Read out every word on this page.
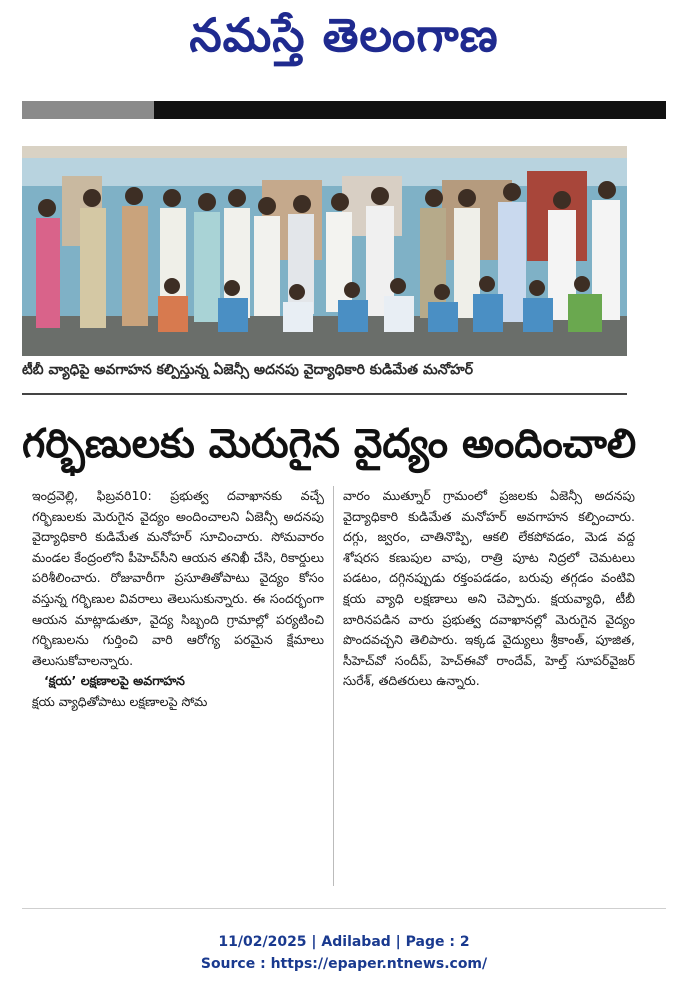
నమస్తే తెలంగాణ
టీబీ వ్యాధిపై అవగాహన కల్పిస్తున్న ఏజెన్సీ అదనపు వైద్యాధికారి కుడిమేత మనోహర్
గర్భిణులకు మెరుగైన వైద్యం అందించాలి

ఇంద్రవెల్లి, ఫిబ్రవరి10: ప్రభుత్వ దవాఖానకు వచ్చే గర్భిణులకు మెరుగైన వైద్యం అందించాలని ఏజెన్సీ అదనపు వైద్యాధికారి కుడిమేత మనోహర్ సూచించారు. సోమవారం మండల కేంద్రంలోని పీహెచ్‌సీని ఆయన తనిఖీ చేసి, రికార్డులు పరిశీలించారు. రోజువారీగా ప్రసూతితోపాటు వైద్యం కోసం వస్తున్న గర్భిణుల వివరాలు తెలుసుకున్నారు. ఈ సందర్భంగా ఆయన మాట్లాడుతూ, వైద్య సిబ్బంది గ్రామాల్లో పర్యటించి గర్భిణులను గుర్తించి వారి ఆరోగ్య పరమైన క్షేమాలు తెలుసుకోవాలన్నారు.

‘క్షయ’ లక్షణాలపై అవగాహన

క్షయ వ్యాధితోపాటు లక్షణాలపై సోమ

వారం ముత్నూర్ గ్రామంలో ప్రజలకు ఏజెన్సీ అదనపు వైద్యాధికారి కుడిమేత మనోహర్ అవగాహన కల్పించారు. దగ్గు, జ్వరం, చాతినొప్పి, ఆకలి లేకపోవడం, మెడ వద్ద శోషరస కణుపుల వాపు, రాత్రి పూట నిద్రలో చెమటలు పడటం, దగ్గినప్పుడు రక్తంపడడం, బరువు తగ్గడం వంటివి క్షయ వ్యాధి లక్షణాలు అని చెప్పారు. క్షయవ్యాధి, టీబీ బారినపడిన వారు ప్రభుత్వ దవాఖానల్లో మెరుగైన వైద్యం పొందవచ్చని తెలిపారు. ఇక్కడ వైద్యులు శ్రీకాంత్, పూజిత, సీహెచ్‌వో సందీప్, హెచ్ఈవో రాందేవ్, హెల్త్ సూపర్‌వైజర్ సురేశ్, తదితరులు ఉన్నారు.

11/02/2025 | Adilabad | Page : 2
Source : https://epaper.ntnews.com/
